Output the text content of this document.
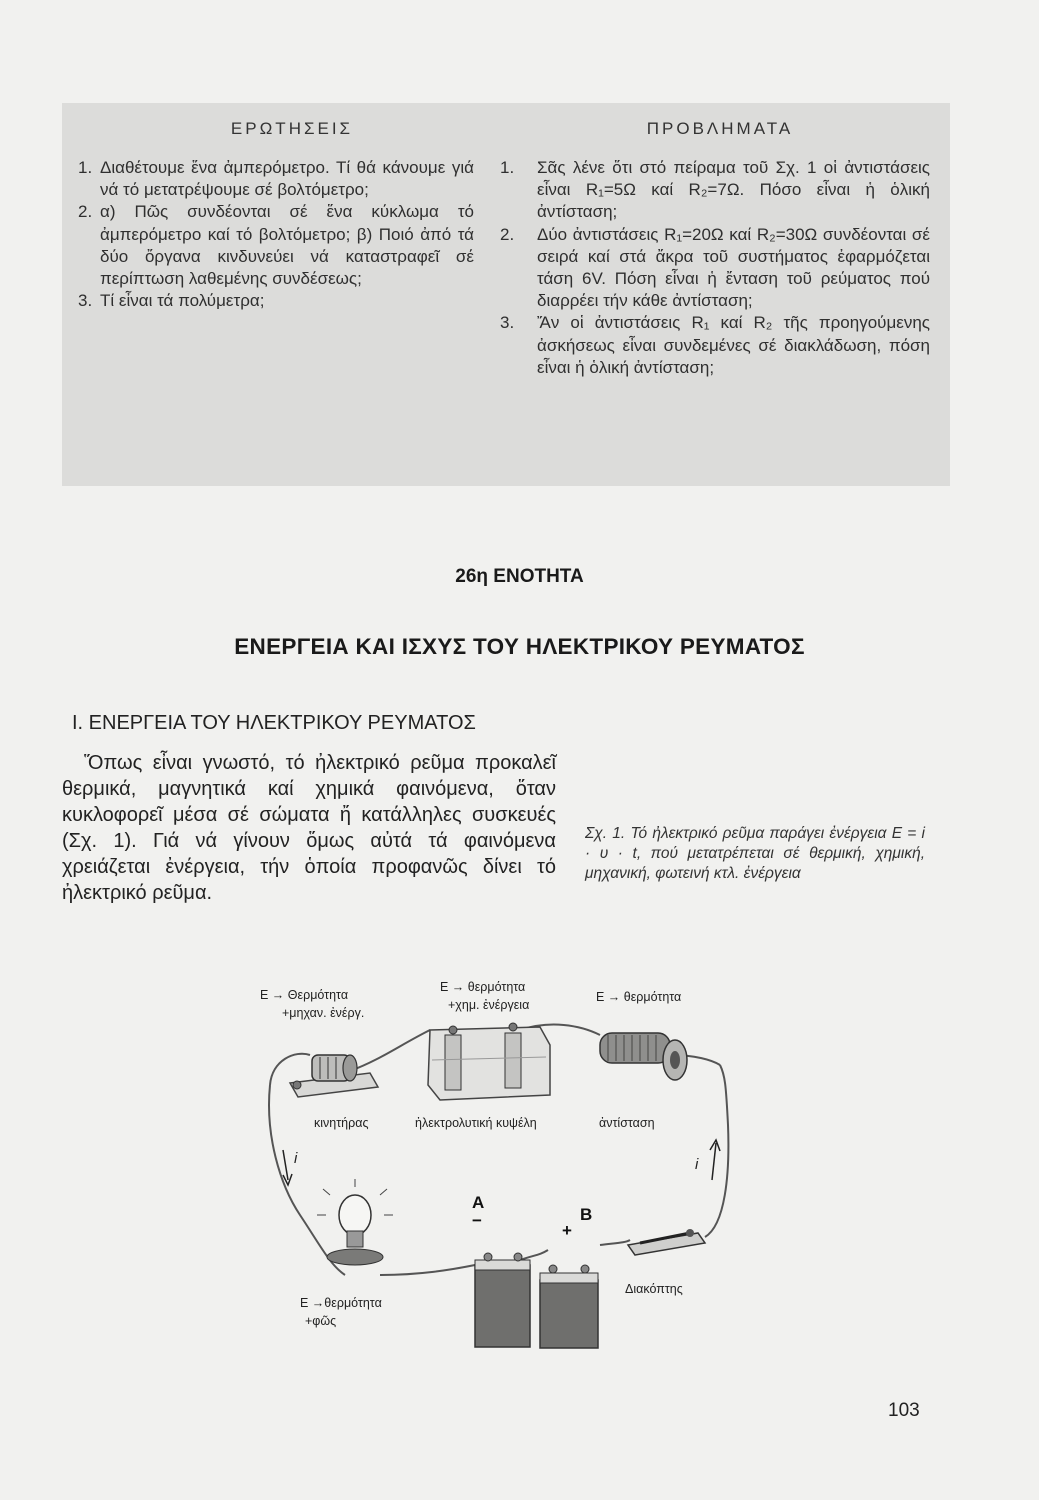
ΕΡΩΤΗΣΕΙΣ
1. Διαθέτουμε ἕνα ἀμπερόμετρο. Τί θά κάνουμε γιά νά τό μετατρέψουμε σέ βολτόμετρο;
2. α) Πῶς συνδέονται σέ ἕνα κύκλωμα τό ἀμπερόμετρο καί τό βολτόμετρο; β) Ποιό ἀπό τά δύο ὄργανα κινδυνεύει νά καταστραφεῖ σέ περίπτωση λαθεμένης συνδέσεως;
3. Τί εἶναι τά πολύμετρα;
ΠΡΟΒΛΗΜΑΤΑ
1. Σᾶς λένε ὅτι στό πείραμα τοῦ Σχ. 1 οἱ ἀντιστάσεις εἶναι R₁=5Ω καί R₂=7Ω. Πόσο εἶναι ἡ ὁλική ἀντίσταση;
2. Δύο ἀντιστάσεις R₁=20Ω καί R₂=30Ω συνδέονται σέ σειρά καί στά ἄκρα τοῦ συστήματος ἐφαρμόζεται τάση 6V. Πόση εἶναι ἡ ἔνταση τοῦ ρεύματος πού διαρρέει τήν κάθε ἀντίσταση;
3. Ἄν οἱ ἀντιστάσεις R₁ καί R₂ τῆς προηγούμενης ἀσκήσεως εἶναι συνδεμένες σέ διακλάδωση, πόση εἶναι ἡ ὁλική ἀντίσταση;
26η ΕΝΟΤΗΤΑ
ΕΝΕΡΓΕΙΑ ΚΑΙ ΙΣΧΥΣ ΤΟΥ ΗΛΕΚΤΡΙΚΟΥ ΡΕΥΜΑΤΟΣ
Ι. ΕΝΕΡΓΕΙΑ ΤΟΥ ΗΛΕΚΤΡΙΚΟΥ ΡΕΥΜΑΤΟΣ
Ὅπως εἶναι γνωστό, τό ἠλεκτρικό ρεῦμα προκαλεῖ θερμικά, μαγνητικά καί χημικά φαινόμενα, ὅταν κυκλοφορεῖ μέσα σέ σώματα ἤ κατάλληλες συσκευές (Σχ. 1). Γιά νά γίνουν ὅμως αὐτά τά φαινόμενα χρειάζεται ἐνέργεια, τήν ὁποία προφανῶς δίνει τό ἠλεκτρικό ρεῦμα.
Σχ. 1. Τό ἠλεκτρικό ρεῦμα παράγει ἐνέργεια E = i · υ · t, πού μετατρέπεται σέ θερμική, χημική, μηχανική, φωτεινή κτλ. ἐνέργεια
E → Θερμότητα
+μηχαν. ἐνέργ.
E → θερμότητα
+χημ. ἐνέργεια
E → θερμότητα
κινητήρας	ἠλεκτρολυτική κυψέλη	ἀντίσταση
i	i
E →θερμότητα
+φῶς
A
−	B
+
Διακόπτης
103
